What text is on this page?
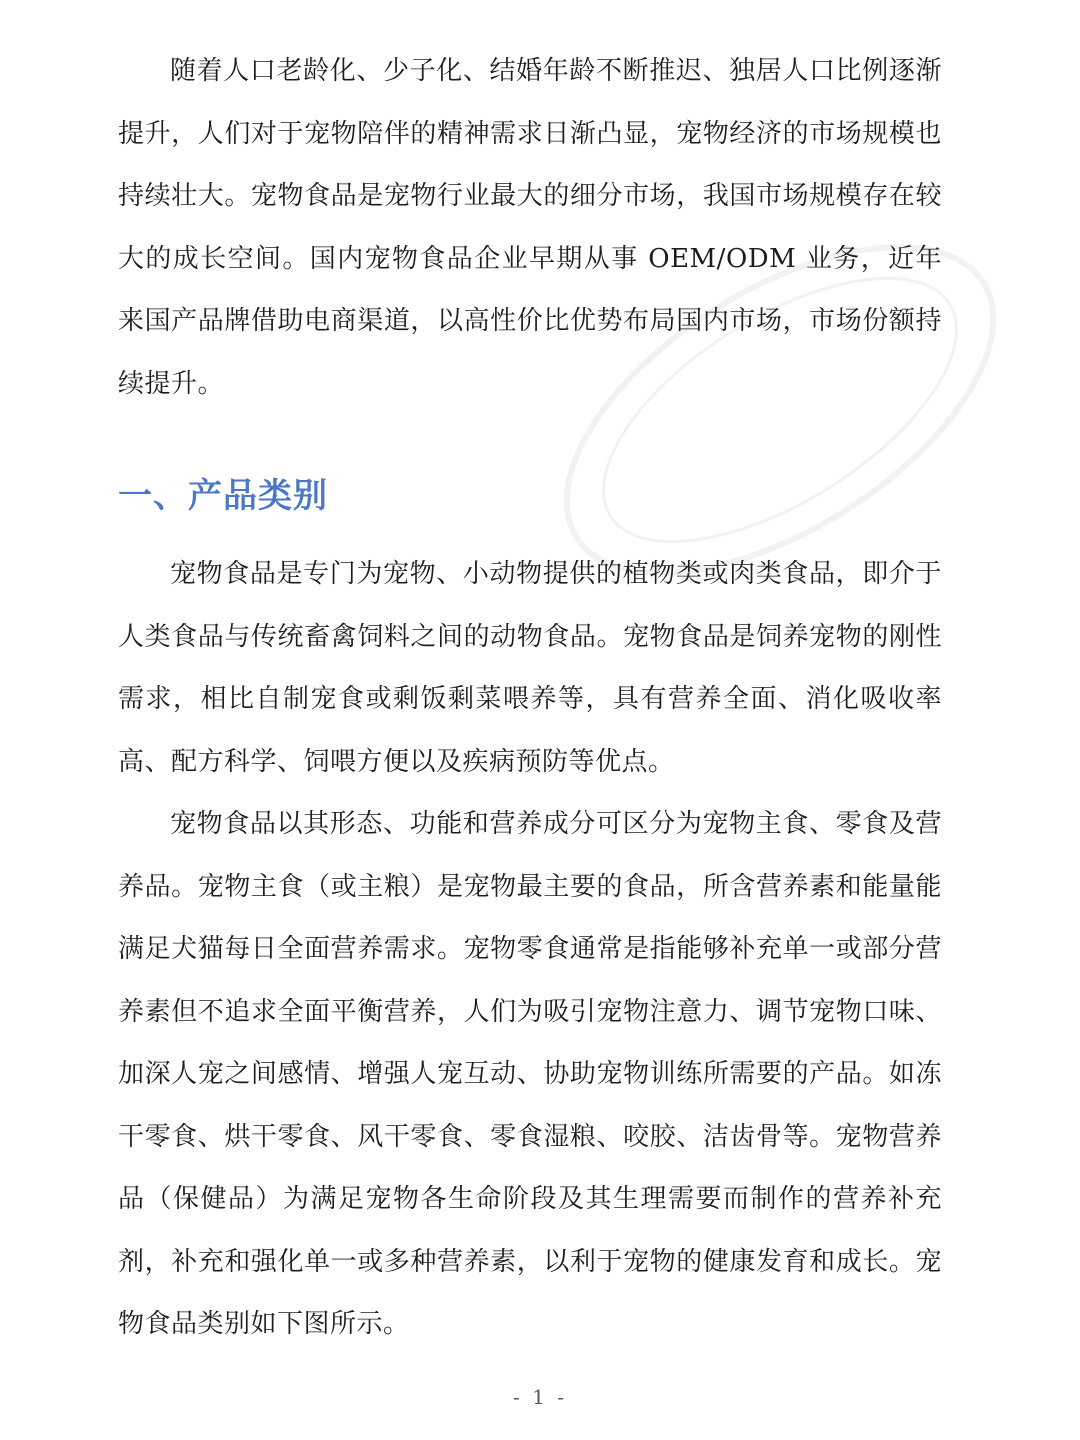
随着人口老龄化、少子化、结婚年龄不断推迟、独居人口比例逐渐提升，人们对于宠物陪伴的精神需求日渐凸显，宠物经济的市场规模也持续壮大。宠物食品是宠物行业最大的细分市场，我国市场规模存在较大的成长空间。国内宠物食品企业早期从事 OEM/ODM 业务，近年来国产品牌借助电商渠道，以高性价比优势布局国内市场，市场份额持续提升。

一、产品类别

宠物食品是专门为宠物、小动物提供的植物类或肉类食品，即介于人类食品与传统畜禽饲料之间的动物食品。宠物食品是饲养宠物的刚性需求，相比自制宠食或剩饭剩菜喂养等，具有营养全面、消化吸收率高、配方科学、饲喂方便以及疾病预防等优点。

宠物食品以其形态、功能和营养成分可区分为宠物主食、零食及营养品。宠物主食（或主粮）是宠物最主要的食品，所含营养素和能量能满足犬猫每日全面营养需求。宠物零食通常是指能够补充单一或部分营养素但不追求全面平衡营养，人们为吸引宠物注意力、调节宠物口味、加深人宠之间感情、增强人宠互动、协助宠物训练所需要的产品。如冻干零食、烘干零食、风干零食、零食湿粮、咬胶、洁齿骨等。宠物营养品（保健品）为满足宠物各生命阶段及其生理需要而制作的营养补充剂，补充和强化单一或多种营养素，以利于宠物的健康发育和成长。宠物食品类别如下图所示。

- 1 -
